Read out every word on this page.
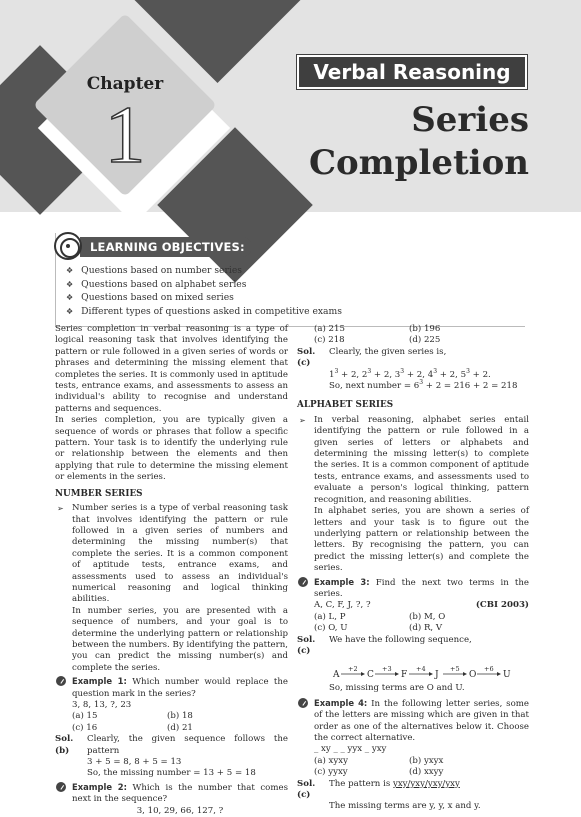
Chapter
1
Verbal Reasoning
Series
Completion
LEARNING OBJECTIVES:
❖ Questions based on number series
❖ Questions based on alphabet series
❖ Questions based on mixed series
❖ Different types of questions asked in competitive exams

Series completion in verbal reasoning is a type of logical reasoning task that involves identifying the pattern or rule followed in a given series of words or phrases and determining the missing element that completes the series. It is commonly used in aptitude tests, entrance exams, and assessments to assess an individual's ability to recognise and understand patterns and sequences.

In series completion, you are typically given a sequence of words or phrases that follow a specific pattern. Your task is to identify the underlying rule or relationship between the elements and then applying that rule to determine the missing element or elements in the series.

NUMBER SERIES
➢ Number series is a type of verbal reasoning task that involves identifying the pattern or rule followed in a given series of numbers and determining the missing number(s) that complete the series. It is a common component of aptitude tests, entrance exams, and assessments used to assess an individual's numerical reasoning and logical thinking abilities.
In number series, you are presented with a sequence of numbers, and your goal is to determine the underlying pattern or relationship between the numbers. By identifying the pattern, you can predict the missing number(s) and complete the series.
Example 1: Which number would replace the question mark in the series?
3, 8, 13, ?, 23
(a) 15	(b) 18
(c) 16	(d) 21
Sol. (b)
Clearly, the given sequence follows the pattern
3 + 5 = 8, 8 + 5 = 13
So, the missing number = 13 + 5 = 18
Example 2: Which is the number that comes next in the sequence?
3, 10, 29, 66, 127, ?
(a) 215	(b) 196
(c) 218	(d) 225
Sol. (c)
Clearly, the given series is,
$1^3 + 2$, $2^3 + 2$, $3^3 + 2$, $4^3 + 2$, $5^3 + 2$.
So, next number = $6^3 + 2 = 216 + 2 = 218$
ALPHABET SERIES
➢ In verbal reasoning, alphabet series entail identifying the pattern or rule followed in a given series of letters or alphabets and determining the missing letter(s) to complete the series. It is a common component of aptitude tests, entrance exams, and assessments used to evaluate a person's logical thinking, pattern recognition, and reasoning abilities.
In alphabet series, you are shown a series of letters and your task is to figure out the underlying pattern or relationship between the letters. By recognising the pattern, you can predict the missing letter(s) and complete the series.
Example 3: Find the next two terms in the series.
A, C, F, J, ?, ?	(CBI 2003)
(a) L, P	(b) M, O
(c) O, U	(d) R, V
Sol. (c)
We have the following sequence,
A
+2
C
+3
F
+4
J
+5
O
+6
U
So, missing terms are O and U.
Example 4: In the following letter series, some of the letters are missing which are given in that order as one of the alternatives below it. Choose the correct alternative.
_ xy _ _ yyx _ yxy
(a) xyxy	(b) yxyx
(c) yyxy	(d) xxyy
Sol. (c)
The pattern is yxy/yxy/yxy/yxy
The missing terms are y, y, x and y.
